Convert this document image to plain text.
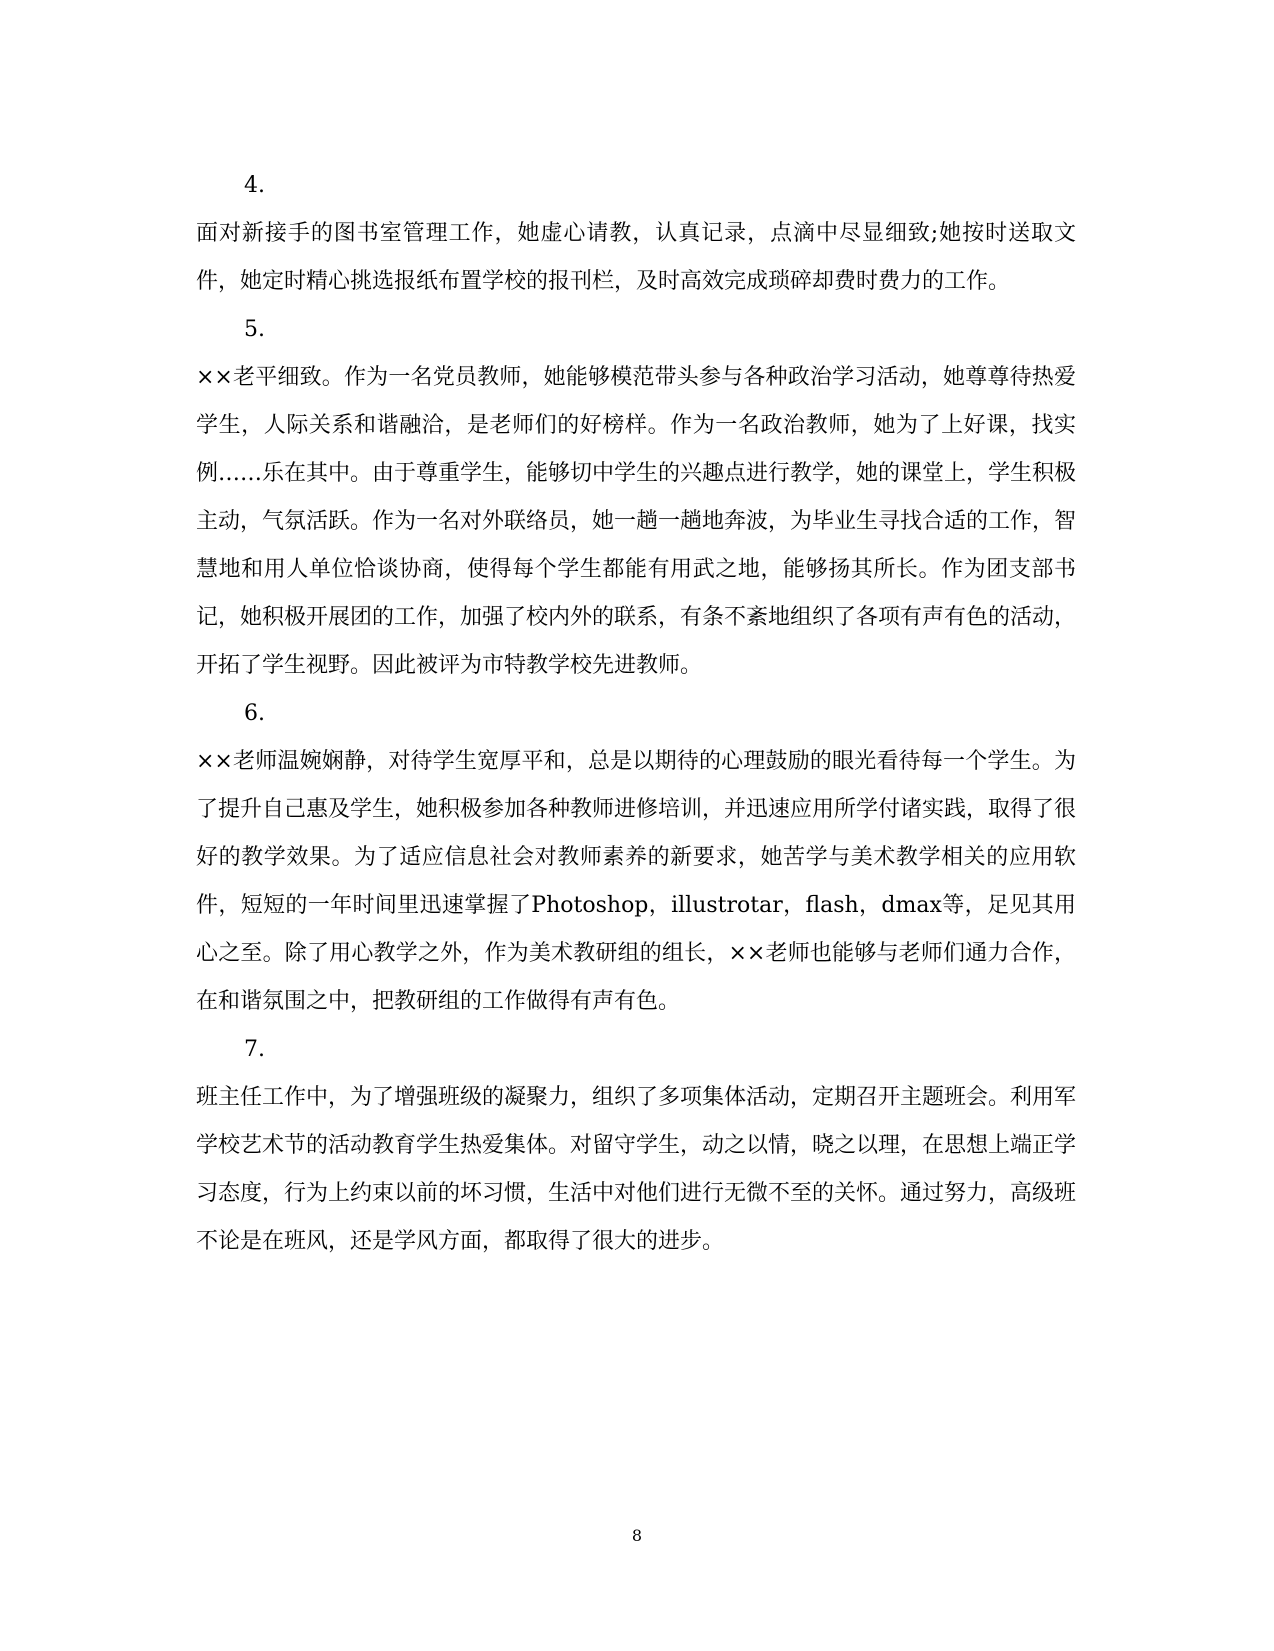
4.

面对新接手的图书室管理工作，她虚心请教，认真记录，点滴中尽显细致;她按时送取文件，她定时精心挑选报纸布置学校的报刊栏，及时高效完成琐碎却费时费力的工作。

5.

××老平细致。作为一名党员教师，她能够模范带头参与各种政治学习活动，她尊尊待热爱学生，人际关系和谐融洽，是老师们的好榜样。作为一名政治教师，她为了上好课，找实例……乐在其中。由于尊重学生，能够切中学生的兴趣点进行教学，她的课堂上，学生积极主动，气氛活跃。作为一名对外联络员，她一趟一趟地奔波，为毕业生寻找合适的工作，智慧地和用人单位恰谈协商，使得每个学生都能有用武之地，能够扬其所长。作为团支部书记，她积极开展团的工作，加强了校内外的联系，有条不紊地组织了各项有声有色的活动，开拓了学生视野。因此被评为市特教学校先进教师。

6.

××老师温婉娴静，对待学生宽厚平和，总是以期待的心理鼓励的眼光看待每一个学生。为了提升自己惠及学生，她积极参加各种教师进修培训，并迅速应用所学付诸实践，取得了很好的教学效果。为了适应信息社会对教师素养的新要求，她苦学与美术教学相关的应用软件，短短的一年时间里迅速掌握了Photoshop，illustrotar，flash，dmax等，足见其用心之至。除了用心教学之外，作为美术教研组的组长，××老师也能够与老师们通力合作，在和谐氛围之中，把教研组的工作做得有声有色。

7.

班主任工作中，为了增强班级的凝聚力，组织了多项集体活动，定期召开主题班会。利用军学校艺术节的活动教育学生热爱集体。对留守学生，动之以情，晓之以理，在思想上端正学习态度，行为上约束以前的坏习惯，生活中对他们进行无微不至的关怀。通过努力，高级班不论是在班风，还是学风方面，都取得了很大的进步。

8
